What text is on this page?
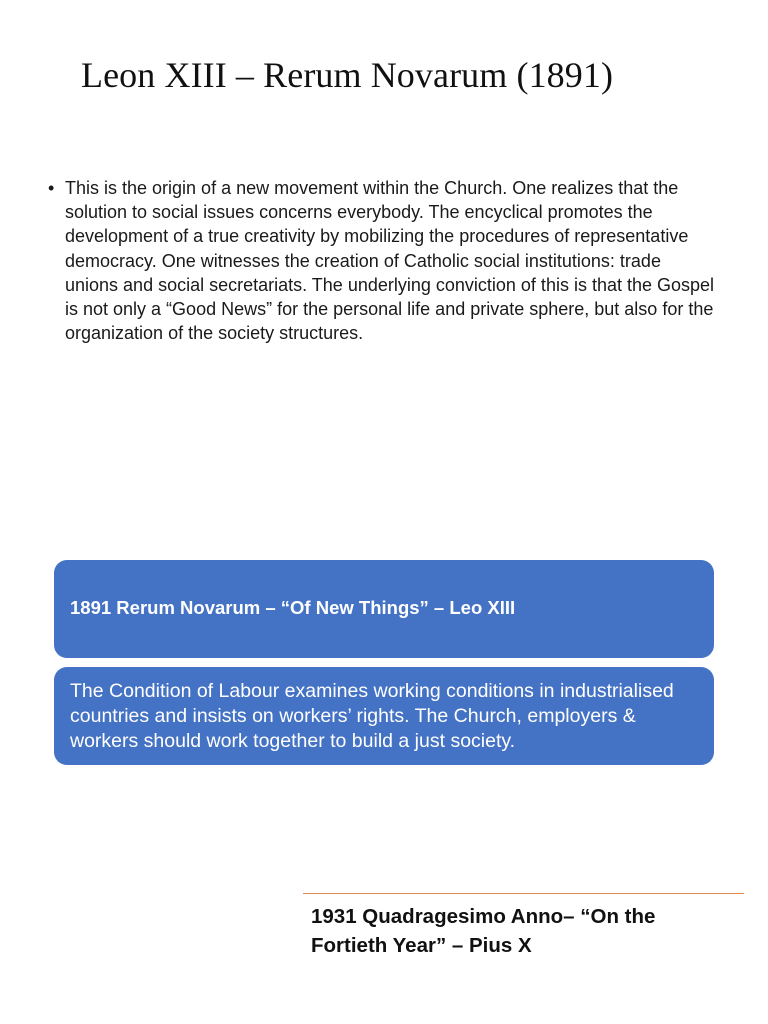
Leon XIII – Rerum Novarum (1891)
• This is the origin of a new movement within the Church. One realizes that the solution to social issues concerns everybody. The encyclical promotes the development of a true creativity by mobilizing the procedures of representative democracy. One witnesses the creation of Catholic social institutions: trade unions and social secretariats. The underlying conviction of this is that the Gospel is not only a “Good News” for the personal life and private sphere, but also for the organization of the society structures.
1891 Rerum Novarum – “Of New Things” – Leo XIII
The Condition of Labour examines working conditions in industrialised countries and insists on workers’ rights. The Church, employers & workers should work together to build a just society.
1931 Quadragesimo Anno– “On the Fortieth Year” – Pius X
